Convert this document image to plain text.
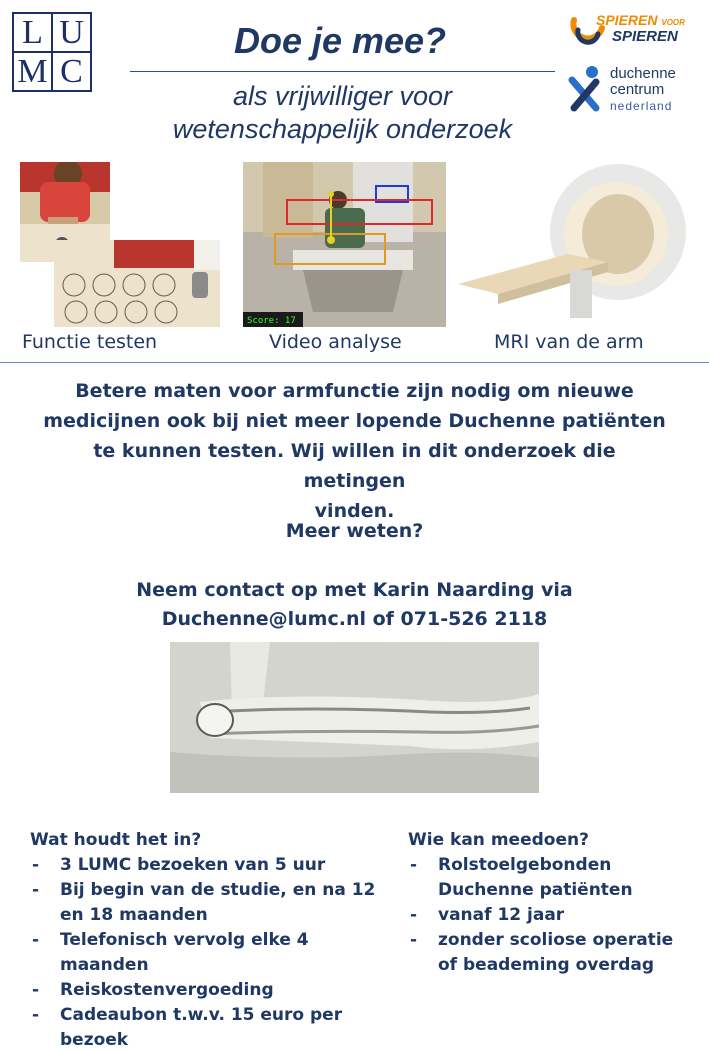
L U
M C
Doe je mee?
als vrijwilliger voor
wetenschappelijk onderzoek
SPIEREN VOOR
SPIEREN
duchenne
centrum
nederland
Score: 17
Functie testen	Video analyse	MRI van de arm
Betere maten voor armfunctie zijn nodig om nieuwe
medicijnen ook bij niet meer lopende Duchenne patiënten
te kunnen testen. Wij willen in dit onderzoek die metingen
vinden.
Meer weten?
Neem contact op met Karin Naarding via
Duchenne@lumc.nl of 071-526 2118
Wat houdt het in?
- 3 LUMC bezoeken van 5 uur
- Bij begin van de studie, en na 12 en 18 maanden
- Telefonisch vervolg elke 4 maanden
- Reiskostenvergoeding
- Cadeaubon t.w.v. 15 euro per bezoek
Wie kan meedoen?
- Rolstoelgebonden Duchenne patiënten
- vanaf 12 jaar
- zonder scoliose operatie of beademing overdag
